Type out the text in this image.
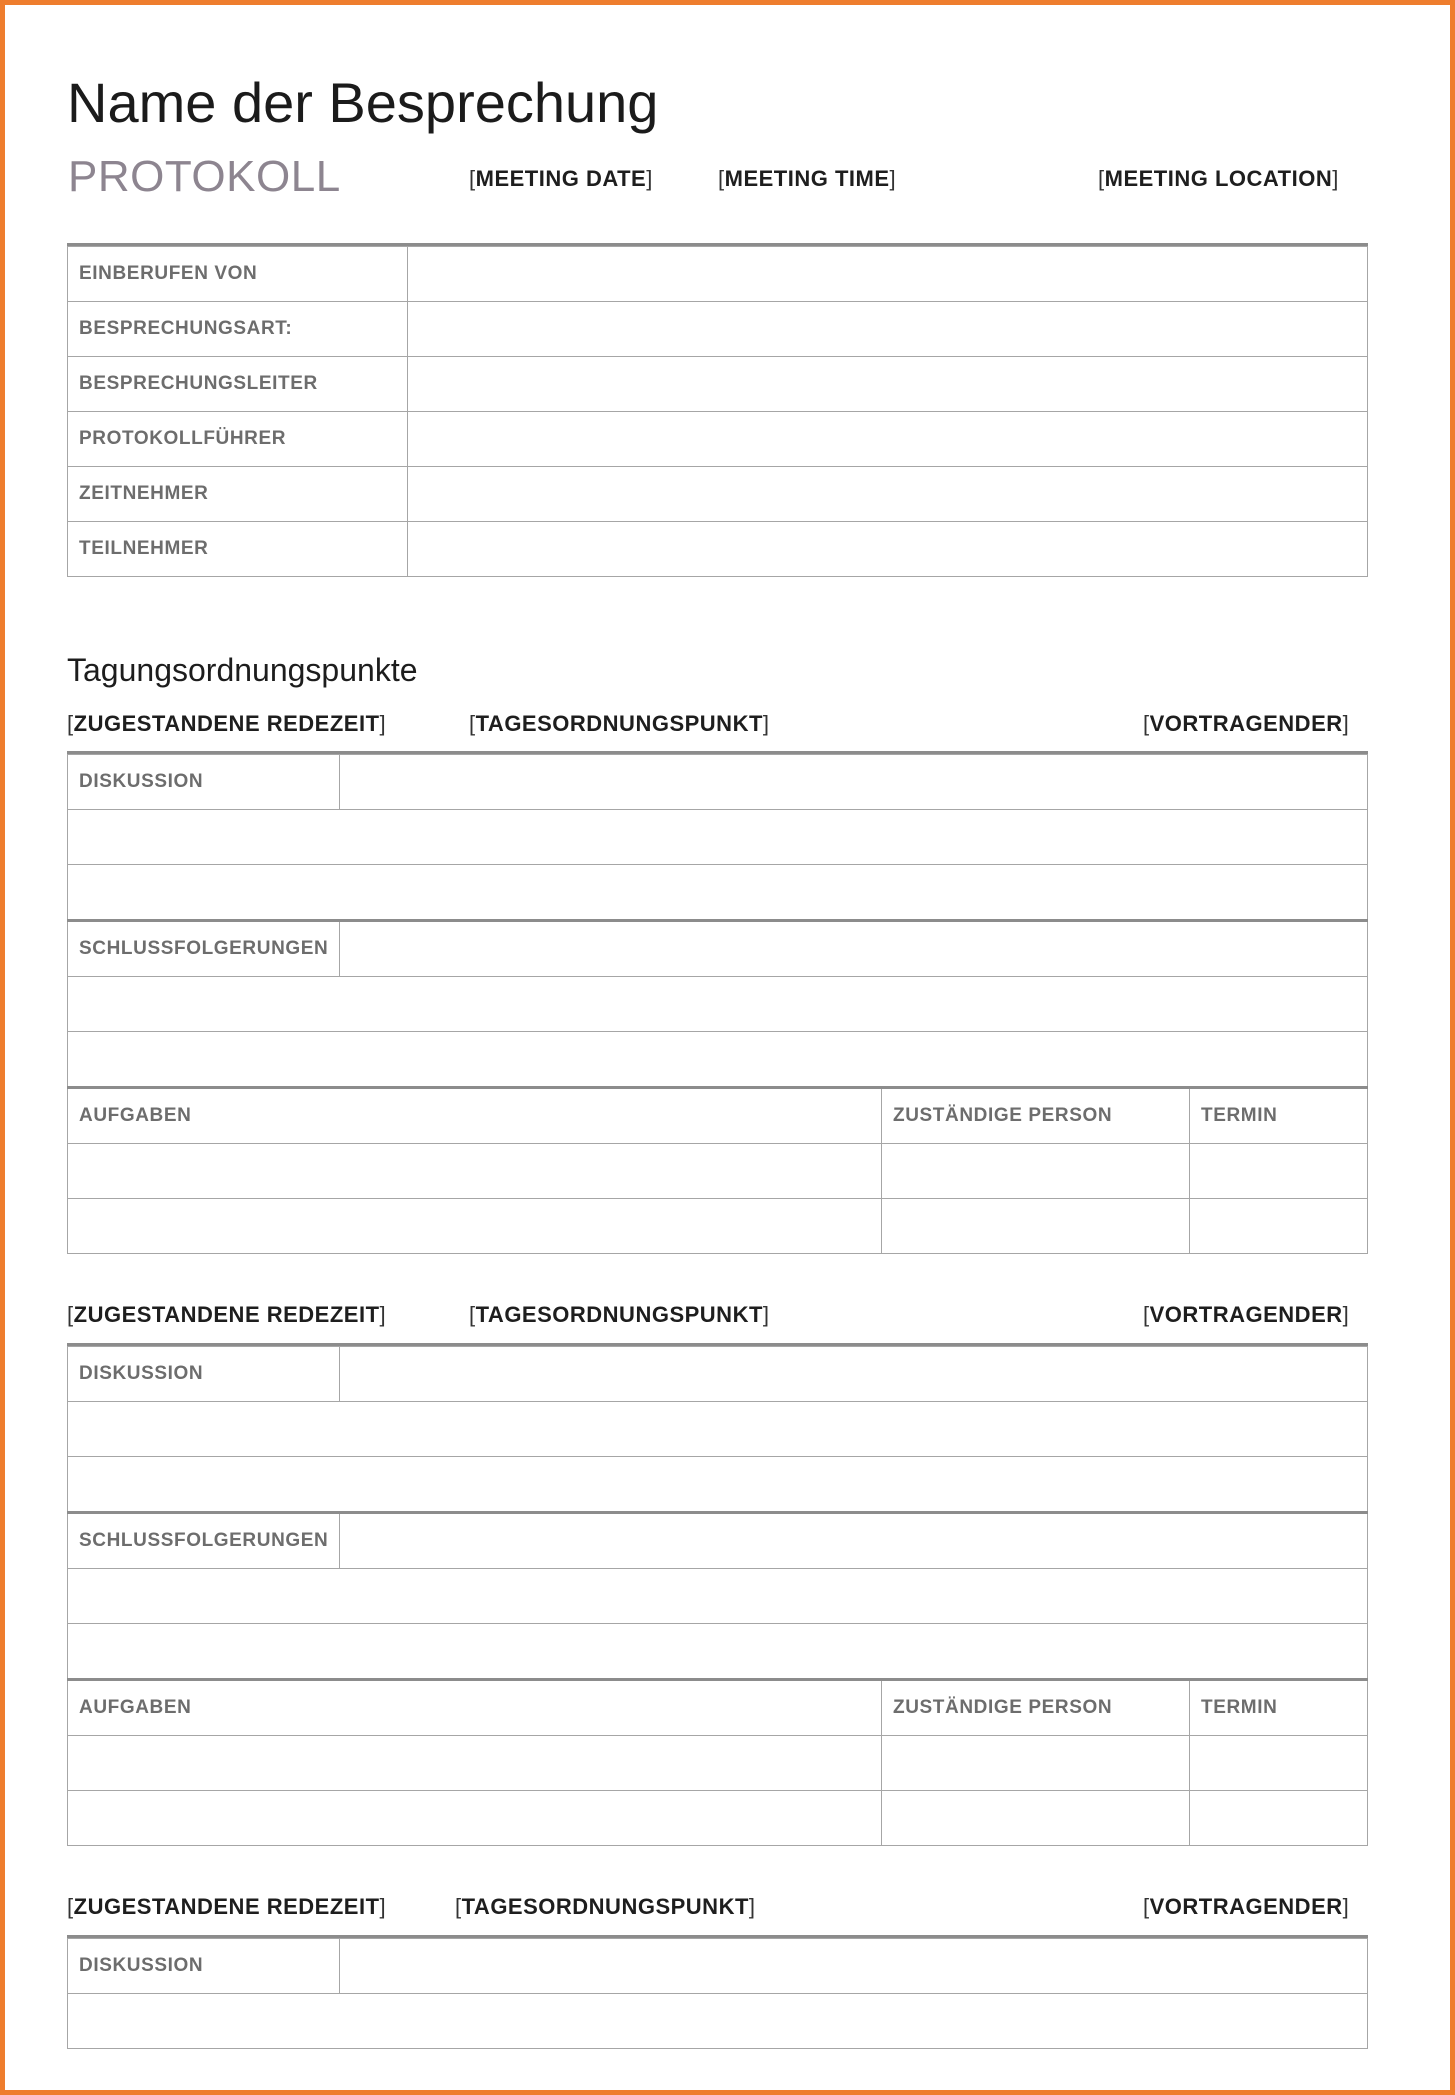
Name der Besprechung
PROTOKOLL	[MEETING DATE]	[MEETING TIME]	[MEETING LOCATION]
EINBERUFEN VON	
BESPRECHUNGSART:	
BESPRECHUNGSLEITER	
PROTOKOLLFÜHRER	
ZEITNEHMER	
TEILNEHMER	
Tagungsordnungspunkte
[ZUGESTANDENE REDEZEIT]	[TAGESORDNUNGSPUNKT]	[VORTRAGENDER]
DISKUSSION			

SCHLUSSFOLGERUNGEN			

AUFGABEN		ZUSTÄNDIGE PERSON	TERMIN

[ZUGESTANDENE REDEZEIT]	[TAGESORDNUNGSPUNKT]	[VORTRAGENDER]
DISKUSSION			

SCHLUSSFOLGERUNGEN			

AUFGABEN		ZUSTÄNDIGE PERSON	TERMIN

[ZUGESTANDENE REDEZEIT]	[TAGESORDNUNGSPUNKT]	[VORTRAGENDER]
DISKUSSION	
